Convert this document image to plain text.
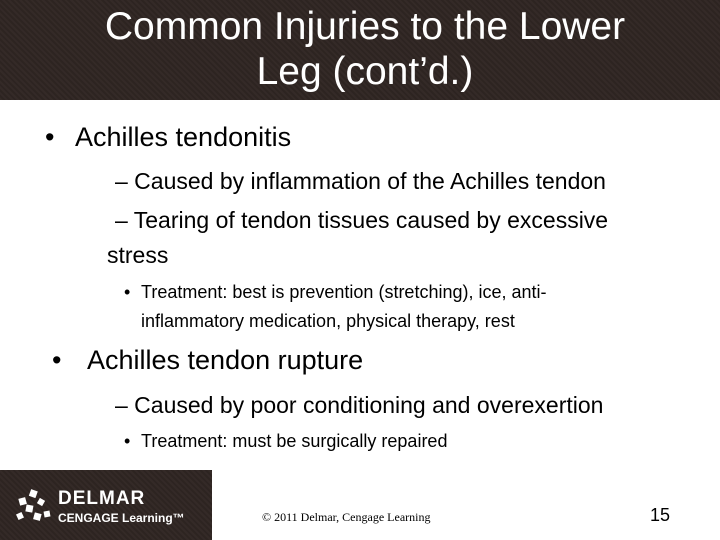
Common Injuries to the Lower
Leg (cont’d.)
• Achilles tendonitis
– Caused by inflammation of the Achilles tendon
– Tearing of tendon tissues caused by excessive
stress
• Treatment: best is prevention (stretching), ice, anti-
inflammatory medication, physical therapy, rest
• Achilles tendon rupture
– Caused by poor conditioning and overexertion
• Treatment: must be surgically repaired
DELMAR
CENGAGE Learning™	© 2011 Delmar, Cengage Learning	15
